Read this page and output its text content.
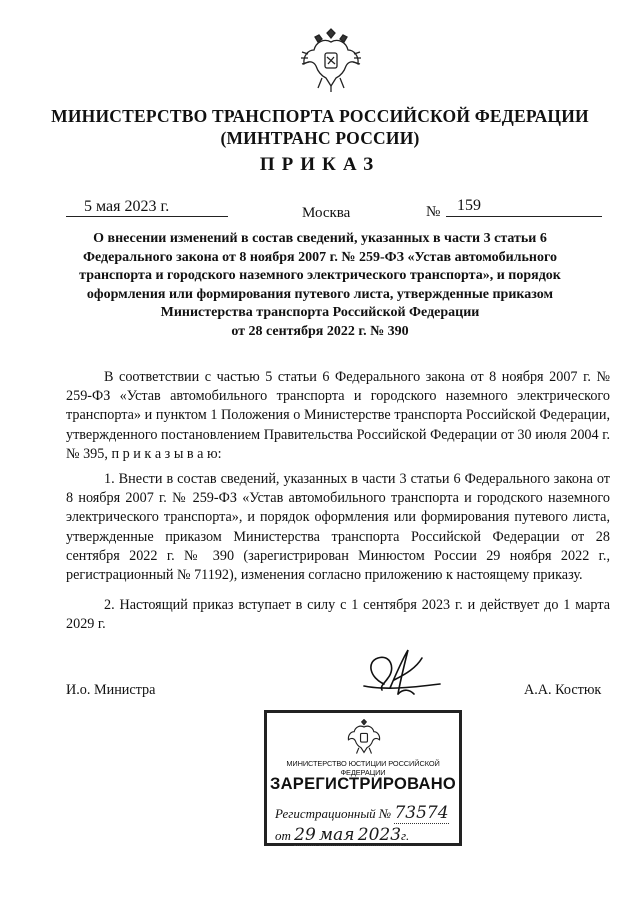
МИНИСТЕРСТВО ТРАНСПОРТА РОССИЙСКОЙ ФЕДЕРАЦИИ
(МИНТРАНС РОССИИ)
ПРИКАЗ
5 мая 2023 г.	Москва	№ 159
О внесении изменений в состав сведений, указанных в части 3 статьи 6
Федерального закона от 8 ноября 2007 г. № 259-ФЗ «Устав автомобильного
транспорта и городского наземного электрического транспорта», и порядок
оформления или формирования путевого листа, утвержденные приказом
Министерства транспорта Российской Федерации
от 28 сентября 2022 г. № 390
В соответствии с частью 5 статьи 6 Федерального закона от 8 ноября 2007 г. № 259-ФЗ «Устав автомобильного транспорта и городского наземного электрического транспорта» и пунктом 1 Положения о Министерстве транспорта Российской Федерации, утвержденного постановлением Правительства Российской Федерации от 30 июля 2004 г. № 395, п р и к а з ы в а ю:
1. Внести в состав сведений, указанных в части 3 статьи 6 Федерального закона от 8 ноября 2007 г. № 259-ФЗ «Устав автомобильного транспорта и городского наземного электрического транспорта», и порядок оформления или формирования путевого листа, утвержденные приказом Министерства транспорта Российской Федерации от 28 сентября 2022 г. № 390 (зарегистрирован Минюстом России 29 ноября 2022 г., регистрационный № 71192), изменения согласно приложению к настоящему приказу.
2. Настоящий приказ вступает в силу с 1 сентября 2023 г. и действует до 1 марта 2029 г.
И.о. Министра	А.А. Костюк
МИНИСТЕРСТВО ЮСТИЦИИ РОССИЙСКОЙ ФЕДЕРАЦИИ
ЗАРЕГИСТРИРОВАНО
Регистрационный № 73574
от 29 мая 2023г.
